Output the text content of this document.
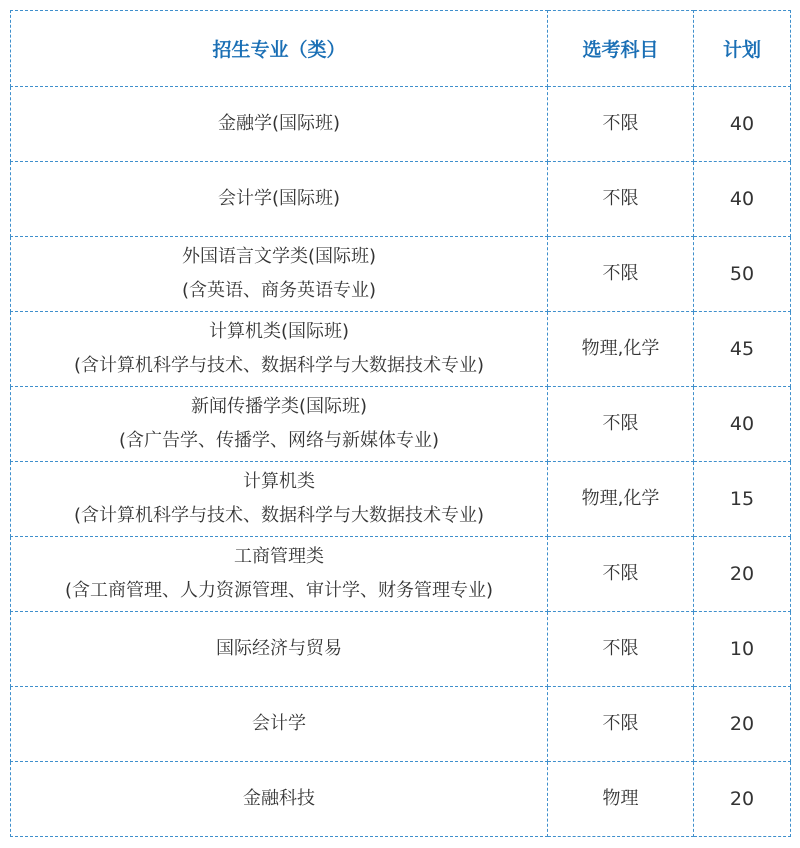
招生专业（类）	选考科目	计划

金融学(国际班)	不限	40

会计学(国际班)	不限	40

外国语言文学类(国际班)
(含英语、商务英语专业)	不限	50

计算机类(国际班)
(含计算机科学与技术、数据科学与大数据技术专业)	物理,化学	45

新闻传播学类(国际班)
(含广告学、传播学、网络与新媒体专业)	不限	40

计算机类
(含计算机科学与技术、数据科学与大数据技术专业)	物理,化学	15

工商管理类
(含工商管理、人力资源管理、审计学、财务管理专业)	不限	20

国际经济与贸易	不限	10

会计学	不限	20

金融科技	物理	20
